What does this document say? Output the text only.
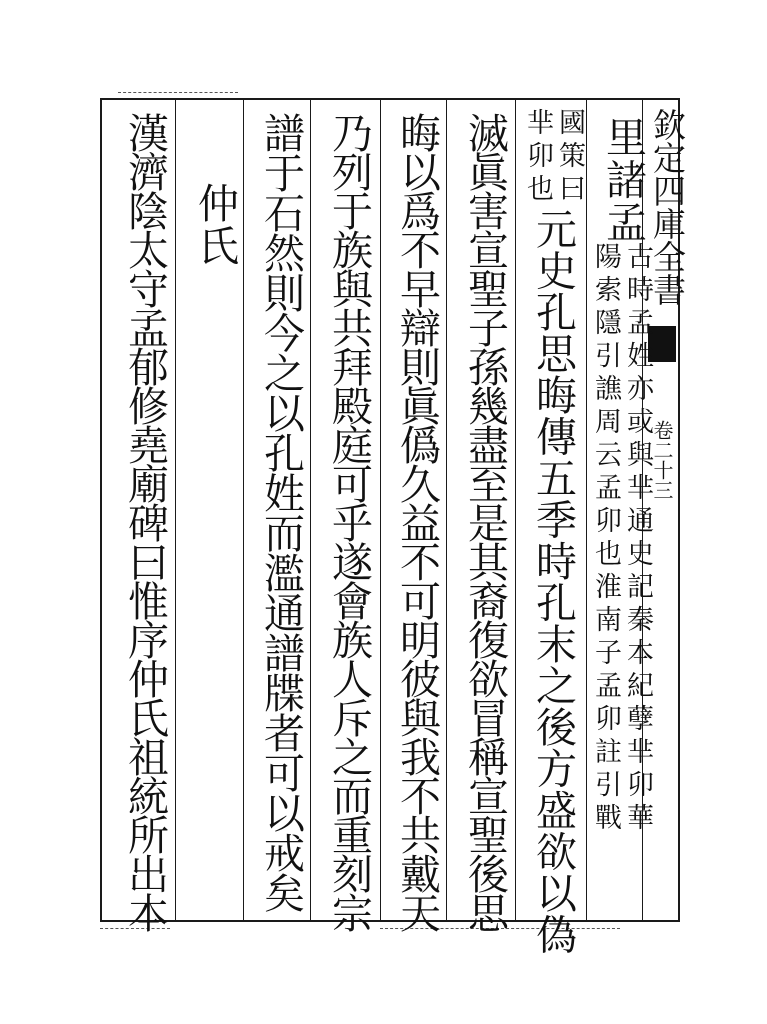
欽定四庫全書
卷二十三
里諸孟
古時孟姓亦或與芈通史記秦本紀孽芈卯華
陽索隱引譙周云孟卯也淮南子孟卯註引戰
國策曰
芈卯也
元史孔思晦傳五季時孔末之後方盛欲以偽
滅眞害宣聖子孫幾盡至是其裔復欲冒稱宣聖後思
晦以爲不早辯則眞僞久益不可明彼與我不共戴天
乃列于族與共拜殿庭可乎遂會族人斥之而重刻宗
譜于石然則今之以孔姓而濫通譜牒者可以戒矣
仲氏
漢濟陰太守孟郁修堯廟碑曰惟序仲氏祖統所出本
